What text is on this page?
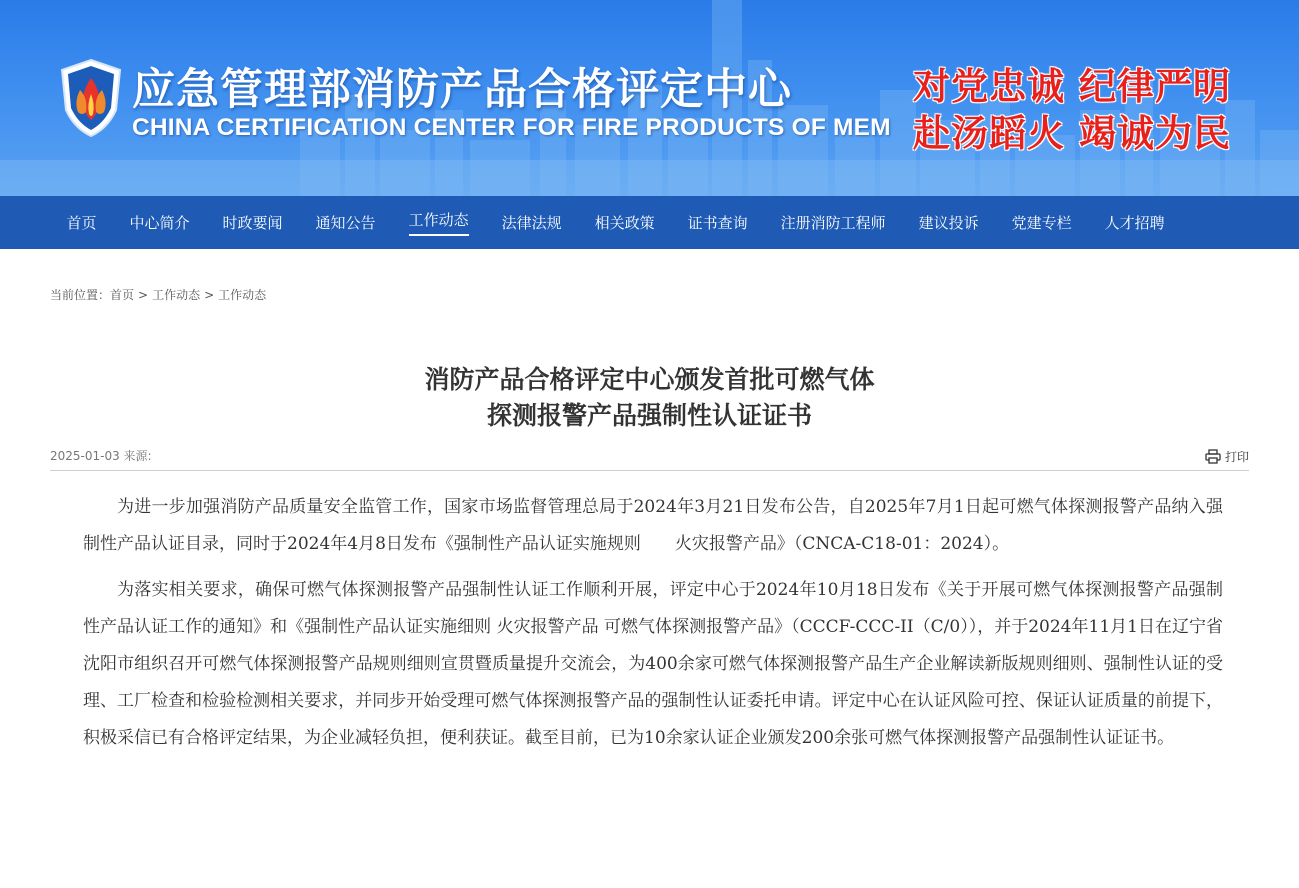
应急管理部消防产品合格评定中心
CHINA CERTIFICATION CENTER FOR FIRE PRODUCTS OF MEM
对党忠诚 纪律严明
赴汤蹈火 竭诚为民
首页 中心简介 时政要闻 通知公告 工作动态 法律法规 相关政策 证书查询 注册消防工程师 建议投诉 党建专栏 人才招聘
当前位置：首页 > 工作动态 > 工作动态
消防产品合格评定中心颁发首批可燃气体
探测报警产品强制性认证证书
2025-01-03 来源:	打印

为进一步加强消防产品质量安全监管工作，国家市场监督管理总局于2024年3月21日发布公告，自2025年7月1日起可燃气体探测报警产品纳入强制性产品认证目录，同时于2024年4月8日发布《强制性产品认证实施规则　　火灾报警产品》（CNCA-C18-01：2024）。

为落实相关要求，确保可燃气体探测报警产品强制性认证工作顺利开展，评定中心于2024年10月18日发布《关于开展可燃气体探测报警产品强制性产品认证工作的通知》和《强制性产品认证实施细则 火灾报警产品 可燃气体探测报警产品》（CCCF-CCC-II（C/0）），并于2024年11月1日在辽宁省沈阳市组织召开可燃气体探测报警产品规则细则宣贯暨质量提升交流会，为400余家可燃气体探测报警产品生产企业解读新版规则细则、强制性认证的受理、工厂检查和检验检测相关要求，并同步开始受理可燃气体探测报警产品的强制性认证委托申请。评定中心在认证风险可控、保证认证质量的前提下，积极采信已有合格评定结果，为企业减轻负担，便利获证。截至目前，已为10余家认证企业颁发200余张可燃气体探测报警产品强制性认证证书。
